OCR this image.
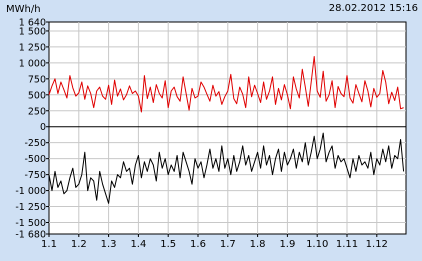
MWh/h	28.02.2012 15:16
1 640
1 500
1 250
1 000
750
500
250
0
-250
-500
-750
-1 000
-1 250
-1 500
-1 680
1.1 1.2 1.3 1.4 1.5 1.6 1.7 1.8 1.9 1.10 1.11 1.12
